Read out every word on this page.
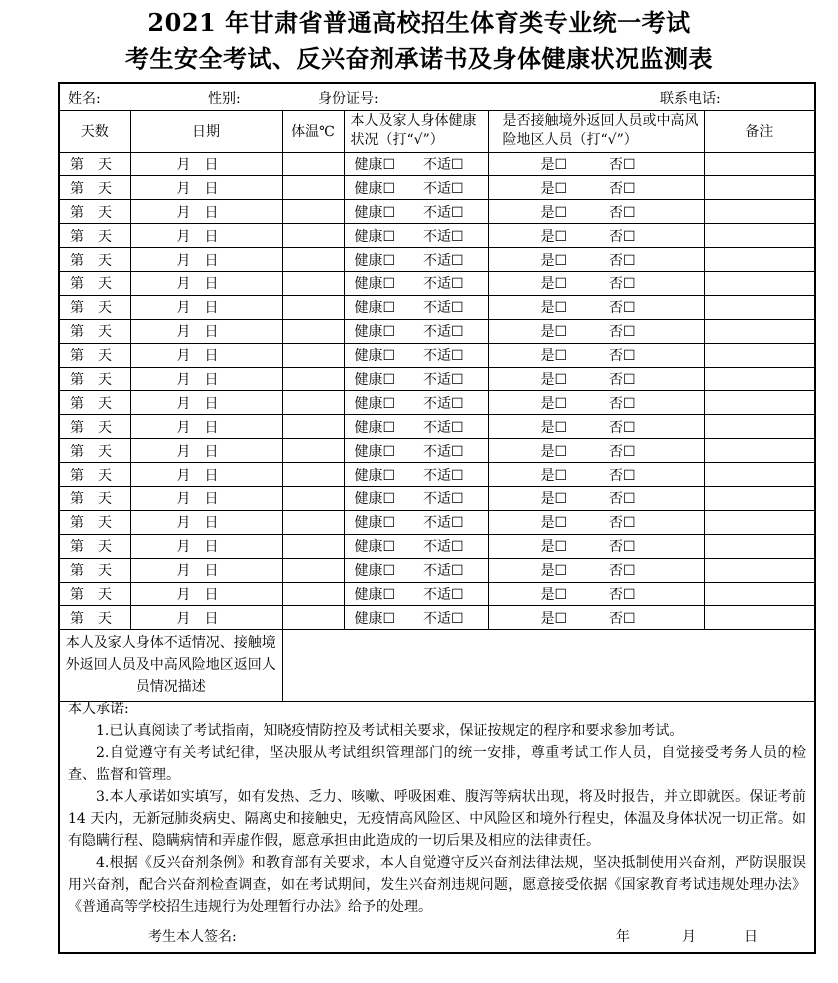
2021 年甘肃省普通高校招生体育类专业统一考试
考生安全考试、反兴奋剂承诺书及身体健康状况监测表
姓名: 性别: 身份证号: 联系电话:					

天数	日期	体温℃	本人及家人身体健康状况（打“√”）	是否接触境外返回人员或中高风险地区人员（打“√”）	备注
第　天	月　日		健康☐　　不适☐	是☐　　　否☐	
第　天	月　日		健康☐　　不适☐	是☐　　　否☐	
第　天	月　日		健康☐　　不适☐	是☐　　　否☐	
第　天	月　日		健康☐　　不适☐	是☐　　　否☐	
第　天	月　日		健康☐　　不适☐	是☐　　　否☐	
第　天	月　日		健康☐　　不适☐	是☐　　　否☐	
第　天	月　日		健康☐　　不适☐	是☐　　　否☐	
第　天	月　日		健康☐　　不适☐	是☐　　　否☐	
第　天	月　日		健康☐　　不适☐	是☐　　　否☐	
第　天	月　日		健康☐　　不适☐	是☐　　　否☐	
第　天	月　日		健康☐　　不适☐	是☐　　　否☐	
第　天	月　日		健康☐　　不适☐	是☐　　　否☐	
第　天	月　日		健康☐　　不适☐	是☐　　　否☐	
第　天	月　日		健康☐　　不适☐	是☐　　　否☐	
第　天	月　日		健康☐　　不适☐	是☐　　　否☐	
第　天	月　日		健康☐　　不适☐	是☐　　　否☐	
第　天	月　日		健康☐　　不适☐	是☐　　　否☐	
第　天	月　日		健康☐　　不适☐	是☐　　　否☐	
第　天	月　日		健康☐　　不适☐	是☐　　　否☐	
第　天	月　日		健康☐　　不适☐	是☐　　　否☐	
本人及家人身体不适情况、接触境外返回人员及中高风险地区返回人员情况描述					

本人承诺:

1.已认真阅读了考试指南，知晓疫情防控及考试相关要求，保证按规定的程序和要求参加考试。

2.自觉遵守有关考试纪律，坚决服从考试组织管理部门的统一安排，尊重考试工作人员，自觉接受考务人员的检查、监督和管理。

3.本人承诺如实填写，如有发热、乏力、咳嗽、呼吸困难、腹泻等病状出现，将及时报告，并立即就医。保证考前 14 天内，无新冠肺炎病史、隔离史和接触史，无疫情高风险区、中风险区和境外行程史，体温及身体状况一切正常。如有隐瞒行程、隐瞒病情和弄虚作假，愿意承担由此造成的一切后果及相应的法律责任。

4.根据《反兴奋剂条例》和教育部有关要求，本人自觉遵守反兴奋剂法律法规，坚决抵制使用兴奋剂，严防误服误用兴奋剂，配合兴奋剂检查调查，如在考试期间，发生兴奋剂违规问题，愿意接受依据《国家教育考试违规处理办法》《普通高等学校招生违规行为处理暂行办法》给予的处理。

考生本人签名:	年	月	日
